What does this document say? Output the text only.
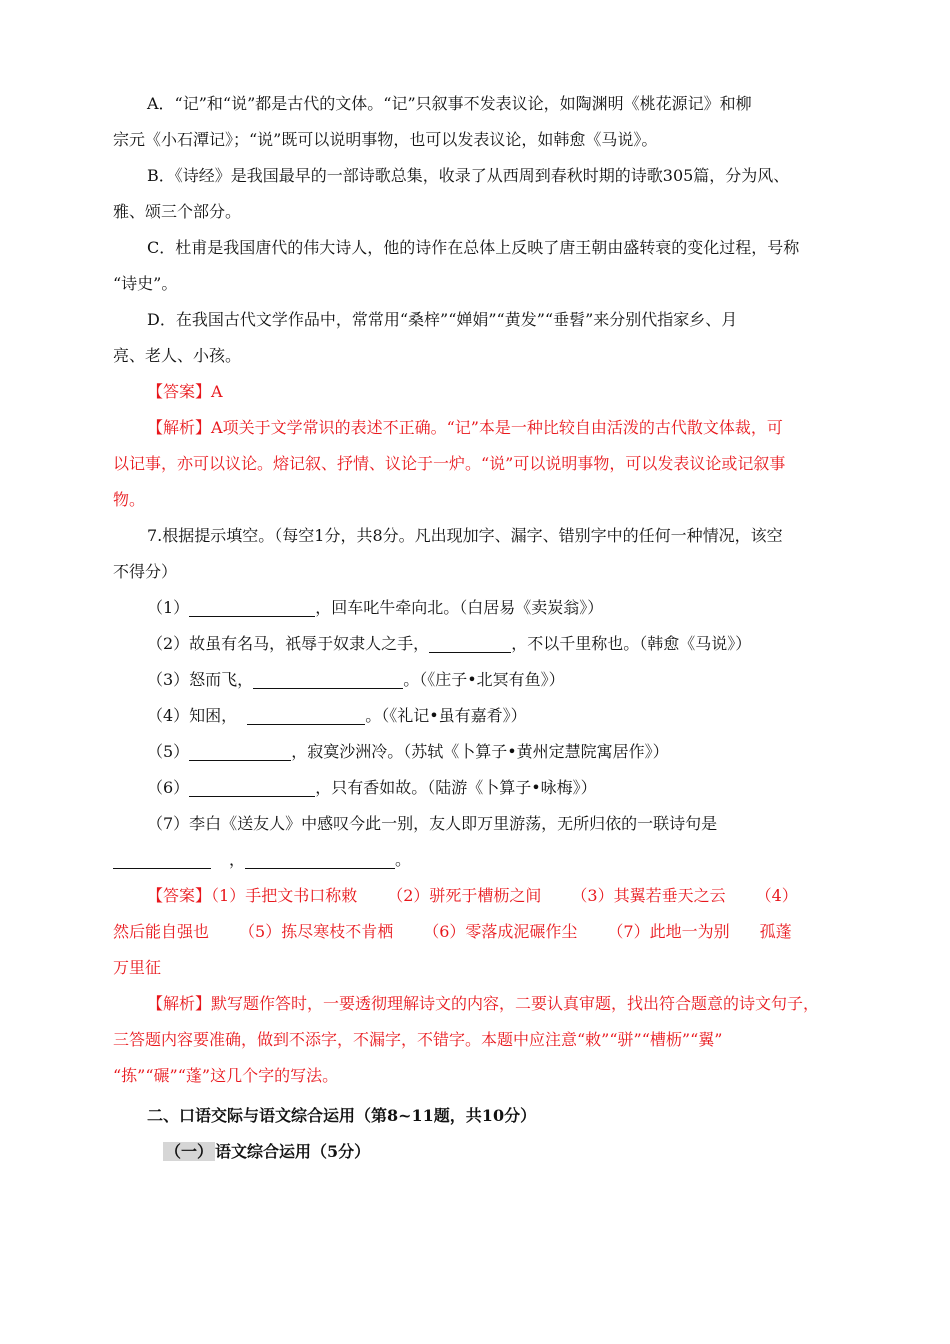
A．“记”和“说”都是古代的文体。“记”只叙事不发表议论，如陶渊明《桃花源记》和柳

宗元《小石潭记》；“说”既可以说明事物，也可以发表议论，如韩愈《马说》。

B．《诗经》是我国最早的一部诗歌总集，收录了从西周到春秋时期的诗歌305篇，分为风、

雅、颂三个部分。

C．杜甫是我国唐代的伟大诗人，他的诗作在总体上反映了唐王朝由盛转衰的变化过程，号称

“诗史”。

D．在我国古代文学作品中，常常用“桑梓”“婵娟”“黄发”“垂髫”来分别代指家乡、月

亮、老人、小孩。

【答案】A

【解析】A项关于文学常识的表述不正确。“记”本是一种比较自由活泼的古代散文体裁，可

以记事，亦可以议论。熔记叙、抒情、议论于一炉。“说”可以说明事物，可以发表议论或记叙事

物。

7.根据提示填空。（每空1分，共8分。凡出现加字、漏字、错别字中的任何一种情况，该空

不得分）

（1）	，回车叱牛牵向北。（白居易《卖炭翁》）

（2）故虽有名马，祇辱于奴隶人之手，	，不以千里称也。（韩愈《马说》）

（3）怒而飞，	。（《庄子•北冥有鱼》）

（4）知困，	。（《礼记•虽有嘉肴》）

（5）	，寂寞沙洲冷。（苏轼《卜算子•黄州定慧院寓居作》）

（6）	，只有香如故。（陆游《卜算子•咏梅》）

（7）李白《送友人》中感叹今此一别，友人即万里游荡，无所归依的一联诗句是

，	。

【答案】（1）手把文书口称敕 （2）骈死于槽枥之间 （3）其翼若垂天之云 （4）

然后能自强也 （5）拣尽寒枝不肯栖 （6）零落成泥碾作尘 （7）此地一为别 孤蓬

万里征

【解析】默写题作答时，一要透彻理解诗文的内容，二要认真审题，找出符合题意的诗文句子，

三答题内容要准确，做到不添字，不漏字，不错字。本题中应注意“敕”“骈”“槽枥”“翼”

“拣”“碾”“蓬”这几个字的写法。

二、口语交际与语文综合运用（第8~11题，共10分）

（一） 语文综合运用（5分）
